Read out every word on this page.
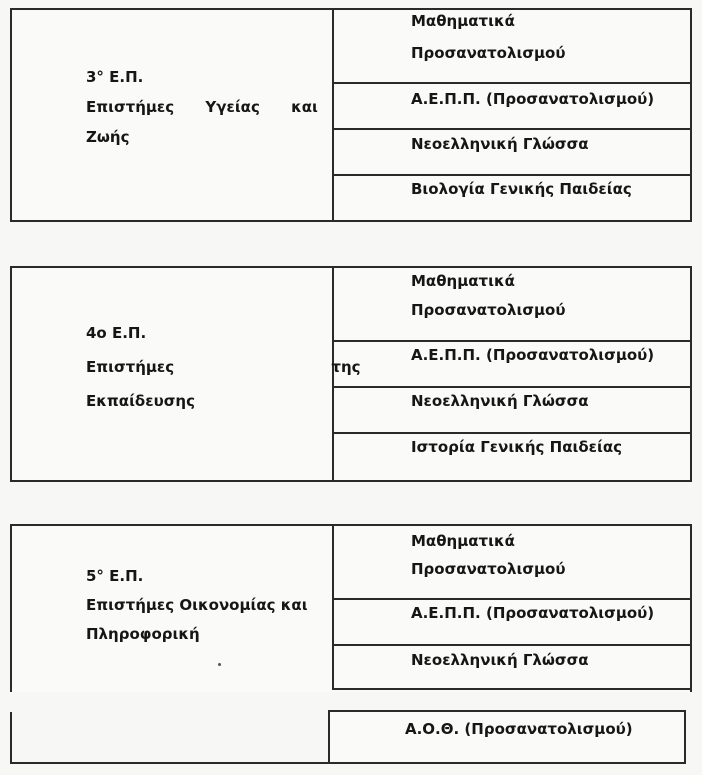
3° Ε.Π.
Επιστήμες Υγείας και
Ζωής
Μαθηματικά
Προσανατολισμού
Α.Ε.Π.Π. (Προσανατολισμού)
Νεοελληνική Γλώσσα
Βιολογία Γενικής Παιδείας
4ο Ε.Π.
Επιστήμες της
Εκπαίδευσης
Μαθηματικά
Προσανατολισμού
Α.Ε.Π.Π. (Προσανατολισμού)
Νεοελληνική Γλώσσα
Ιστορία Γενικής Παιδείας
5° Ε.Π.
Επιστήμες Οικονομίας και
Πληροφορική
Μαθηματικά
Προσανατολισμού
Α.Ε.Π.Π. (Προσανατολισμού)
Νεοελληνική Γλώσσα
Α.Ο.Θ. (Προσανατολισμού)
